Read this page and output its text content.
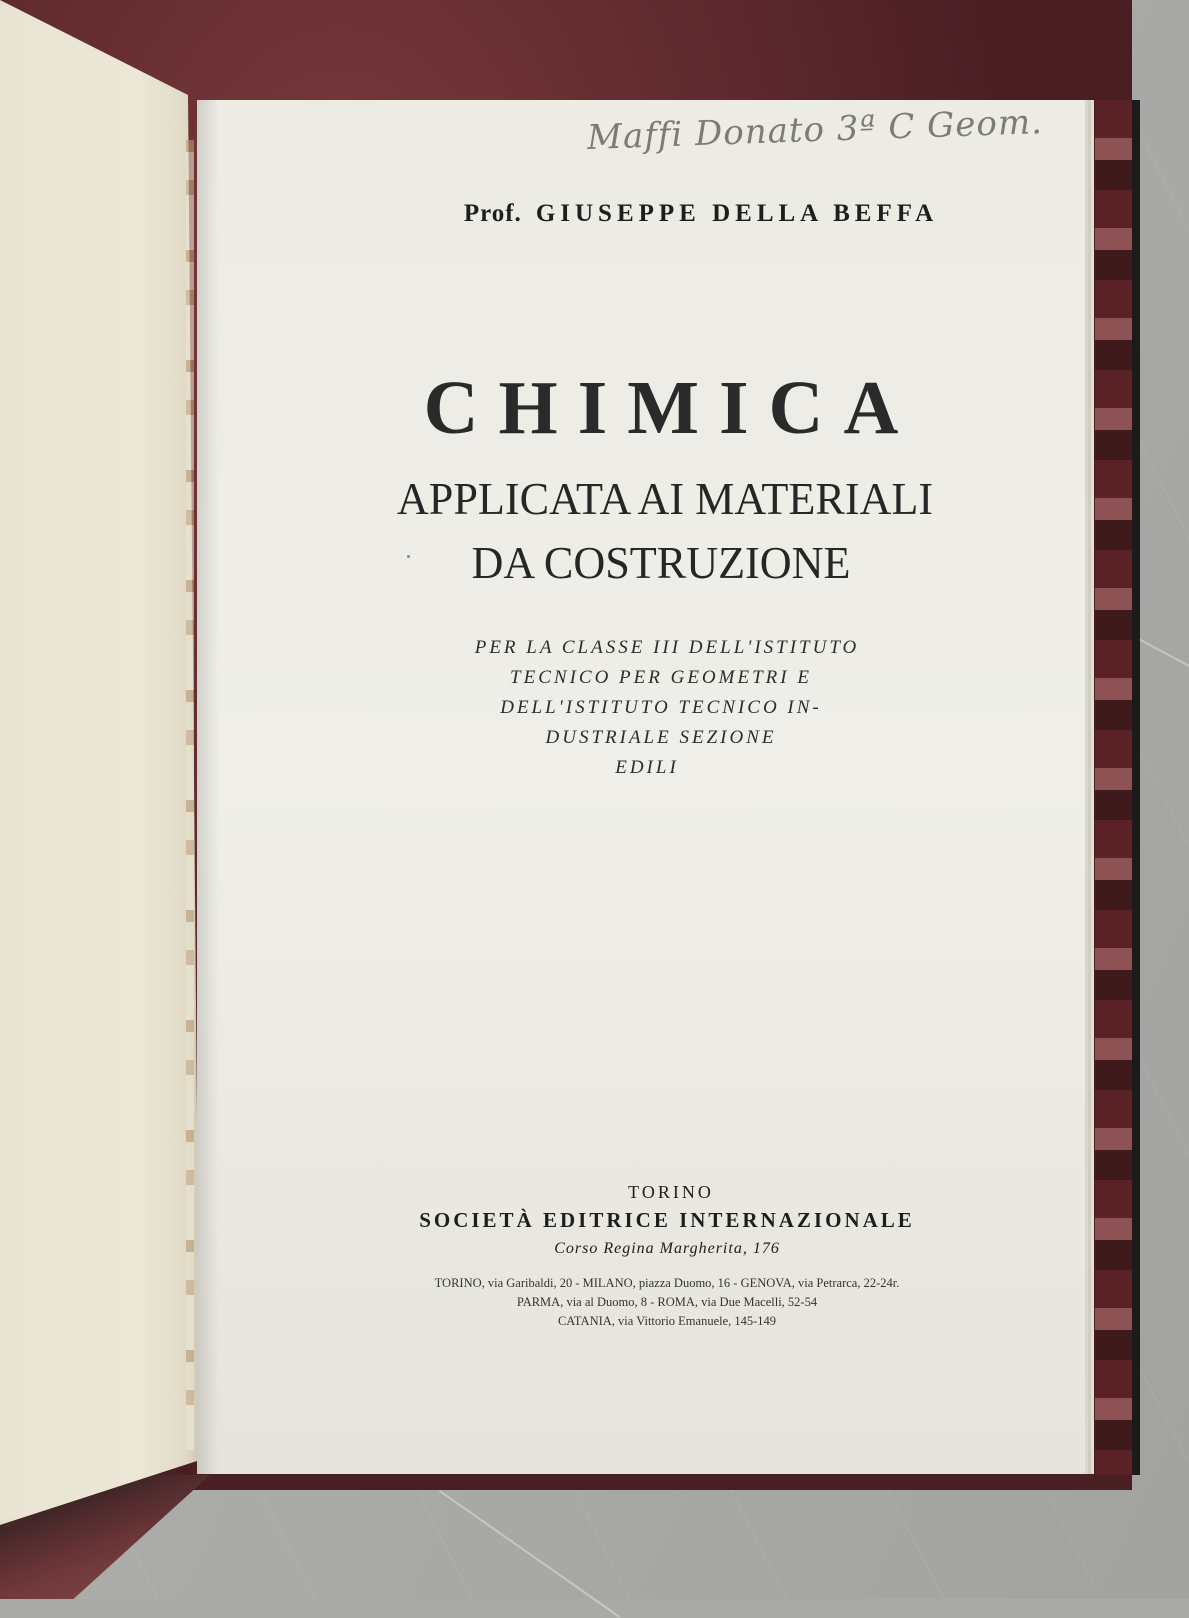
Maffi Donato 3ª C Geom.
Prof. GIUSEPPE DELLA BEFFA
CHIMICA
APPLICATA AI MATERIALI
DA COSTRUZIONE
PER LA CLASSE III DELL'ISTITUTO
TECNICO PER GEOMETRI E
DELL'ISTITUTO TECNICO IN-
DUSTRIALE SEZIONE
EDILI
TORINO
SOCIETÀ EDITRICE INTERNAZIONALE
Corso Regina Margherita, 176
TORINO, via Garibaldi, 20 - MILANO, piazza Duomo, 16 - GENOVA, via Petrarca, 22-24r.
PARMA, via al Duomo, 8 - ROMA, via Due Macelli, 52-54
CATANIA, via Vittorio Emanuele, 145-149
